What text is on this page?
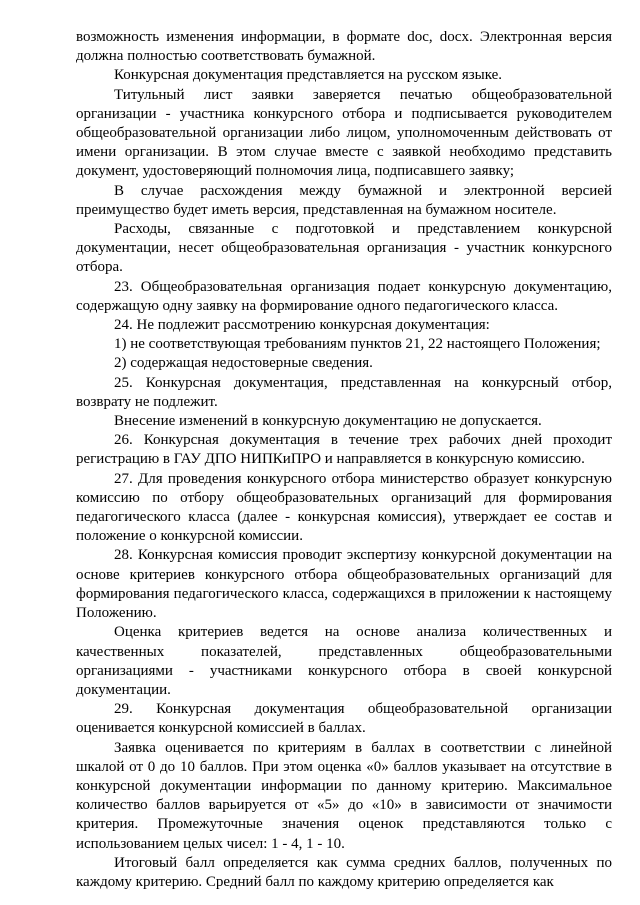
возможность изменения информации, в формате doc, docx. Электронная версия должна полностью соответствовать бумажной.

Конкурсная документация представляется на русском языке.

Титульный лист заявки заверяется печатью общеобразовательной организации - участника конкурсного отбора и подписывается руководителем общеобразовательной организации либо лицом, уполномоченным действовать от имени организации. В этом случае вместе с заявкой необходимо представить документ, удостоверяющий полномочия лица, подписавшего заявку;

В случае расхождения между бумажной и электронной версией преимущество будет иметь версия, представленная на бумажном носителе.

Расходы, связанные с подготовкой и представлением конкурсной документации, несет общеобразовательная организация - участник конкурсного отбора.

23. Общеобразовательная организация подает конкурсную документацию, содержащую одну заявку на формирование одного педагогического класса.

24. Не подлежит рассмотрению конкурсная документация:

1) не соответствующая требованиям пунктов 21, 22 настоящего Положения;

2) содержащая недостоверные сведения.

25. Конкурсная документация, представленная на конкурсный отбор, возврату не подлежит.

Внесение изменений в конкурсную документацию не допускается.

26. Конкурсная документация в течение трех рабочих дней проходит регистрацию в ГАУ ДПО НИПКиПРО и направляется в конкурсную комиссию.

27. Для проведения конкурсного отбора министерство образует конкурсную комиссию по отбору общеобразовательных организаций для формирования педагогического класса (далее - конкурсная комиссия), утверждает ее состав и положение о конкурсной комиссии.

28. Конкурсная комиссия проводит экспертизу конкурсной документации на основе критериев конкурсного отбора общеобразовательных организаций для формирования педагогического класса, содержащихся в приложении к настоящему Положению.

Оценка критериев ведется на основе анализа количественных и качественных показателей, представленных общеобразовательными организациями - участниками конкурсного отбора в своей конкурсной документации.

29. Конкурсная документация общеобразовательной организации оценивается конкурсной комиссией в баллах.

Заявка оценивается по критериям в баллах в соответствии с линейной шкалой от 0 до 10 баллов. При этом оценка «0» баллов указывает на отсутствие в конкурсной документации информации по данному критерию. Максимальное количество баллов варьируется от «5» до «10» в зависимости от значимости критерия. Промежуточные значения оценок представляются только с использованием целых чисел: 1 - 4, 1 - 10.

Итоговый балл определяется как сумма средних баллов, полученных по каждому критерию. Средний балл по каждому критерию определяется как
